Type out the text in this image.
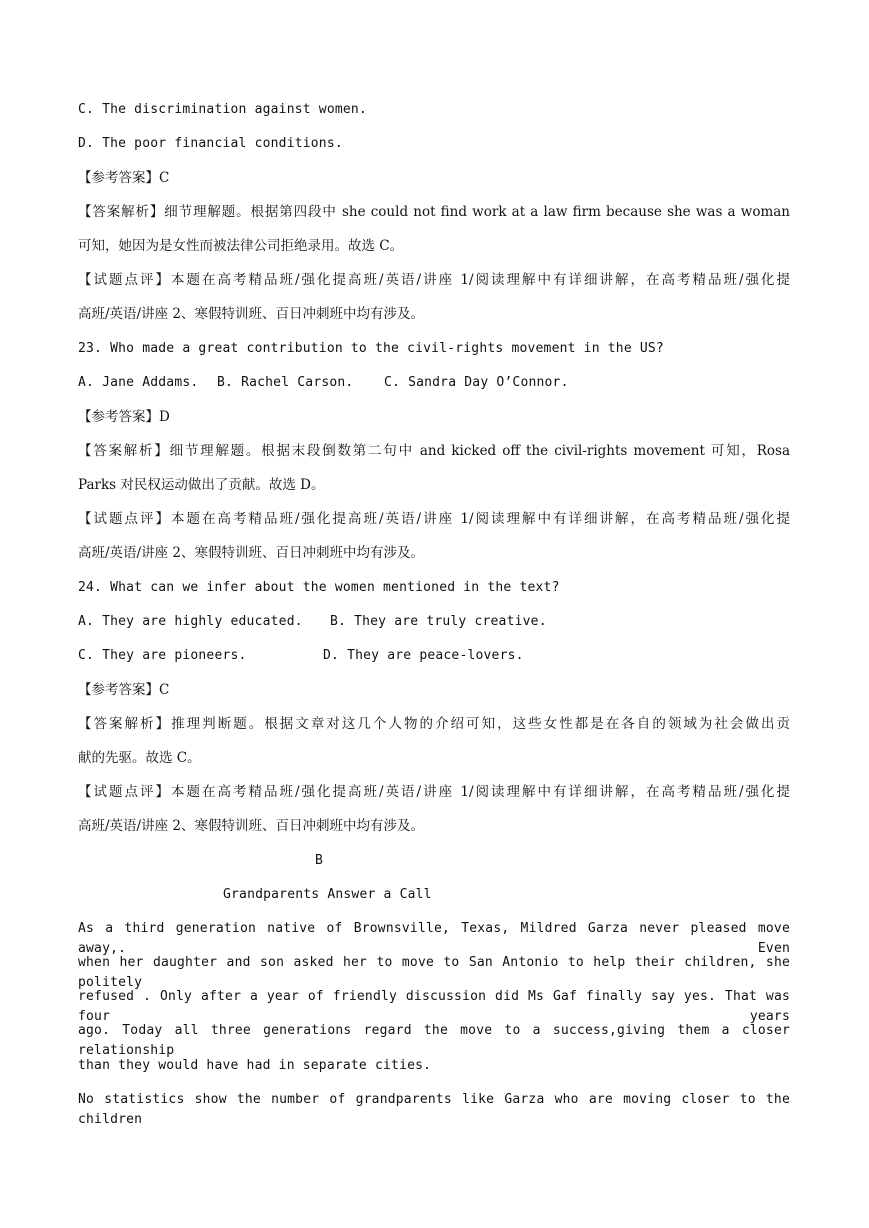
C. The discrimination against women.
D. The poor financial conditions.
【参考答案】C
【答案解析】细节理解题。根据第四段中 she could not find work at a law firm because she was a woman
可知，她因为是女性而被法律公司拒绝录用。故选 C。
【试题点评】本题在高考精品班/强化提高班/英语/讲座 1/阅读理解中有详细讲解，在高考精品班/强化提
高班/英语/讲座 2、寒假特训班、百日冲刺班中均有涉及。
23. Who made a great contribution to the civil-rights movement in the US?
A. Jane Addams. B. Rachel Carson. C. Sandra Day O’Connor.
【参考答案】D
【答案解析】细节理解题。根据末段倒数第二句中 and kicked off the civil-rights movement 可知，Rosa
Parks 对民权运动做出了贡献。故选 D。
【试题点评】本题在高考精品班/强化提高班/英语/讲座 1/阅读理解中有详细讲解，在高考精品班/强化提
高班/英语/讲座 2、寒假特训班、百日冲刺班中均有涉及。
24. What can we infer about the women mentioned in the text?
A. They are highly educated. B. They are truly creative.
C. They are pioneers.	D. They are peace-lovers.
【参考答案】C
【答案解析】推理判断题。根据文章对这几个人物的介绍可知，这些女性都是在各自的领域为社会做出贡
献的先驱。故选 C。
【试题点评】本题在高考精品班/强化提高班/英语/讲座 1/阅读理解中有详细讲解，在高考精品班/强化提
高班/英语/讲座 2、寒假特训班、百日冲刺班中均有涉及。
B
Grandparents Answer a Call
As a third generation native of Brownsville, Texas, Mildred Garza never pleased move away,. Even
when her daughter and son asked her to move to San Antonio to help their children, she politely
refused . Only after a year of friendly discussion did Ms Gaf finally say yes. That was four years
ago. Today all three generations regard the move to a success,giving them a closer relationship
than they would have had in separate cities.
No statistics show the number of grandparents like Garza who are moving closer to the children
